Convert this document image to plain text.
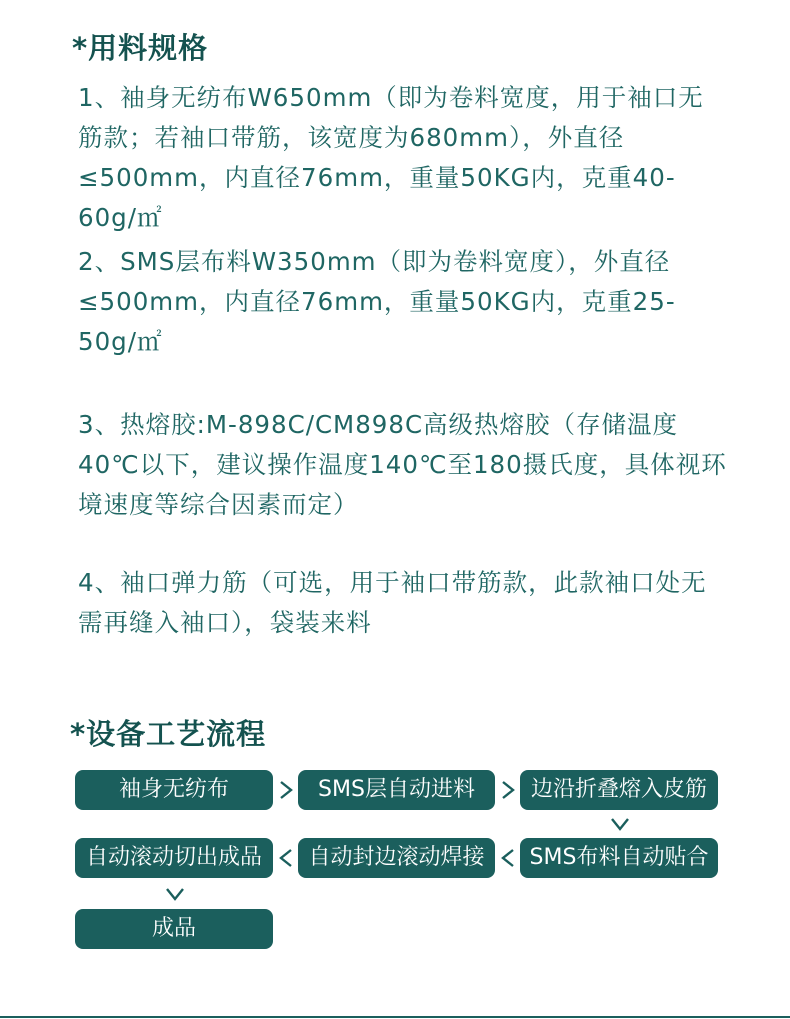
*用料规格

1、袖身无纺布W650mm（即为卷料宽度，用于袖口无筋款；若袖口带筋，该宽度为680mm），外直径≤500mm，内直径76mm，重量50KG内，克重40-60g/㎡

2、SMS层布料W350mm（即为卷料宽度），外直径≤500mm，内直径76mm，重量50KG内，克重25-50g/㎡

3、热熔胶:M-898C/CM898C高级热熔胶（存储温度40℃以下，建议操作温度140℃至180摄氏度，具体视环境速度等综合因素而定）

4、袖口弹力筋（可选，用于袖口带筋款，此款袖口处无需再缝入袖口），袋装来料

*设备工艺流程
袖身无纺布	SMS层自动进料	边沿折叠熔入皮筋
自动滚动切出成品	自动封边滚动焊接	SMS布料自动贴合
成品
